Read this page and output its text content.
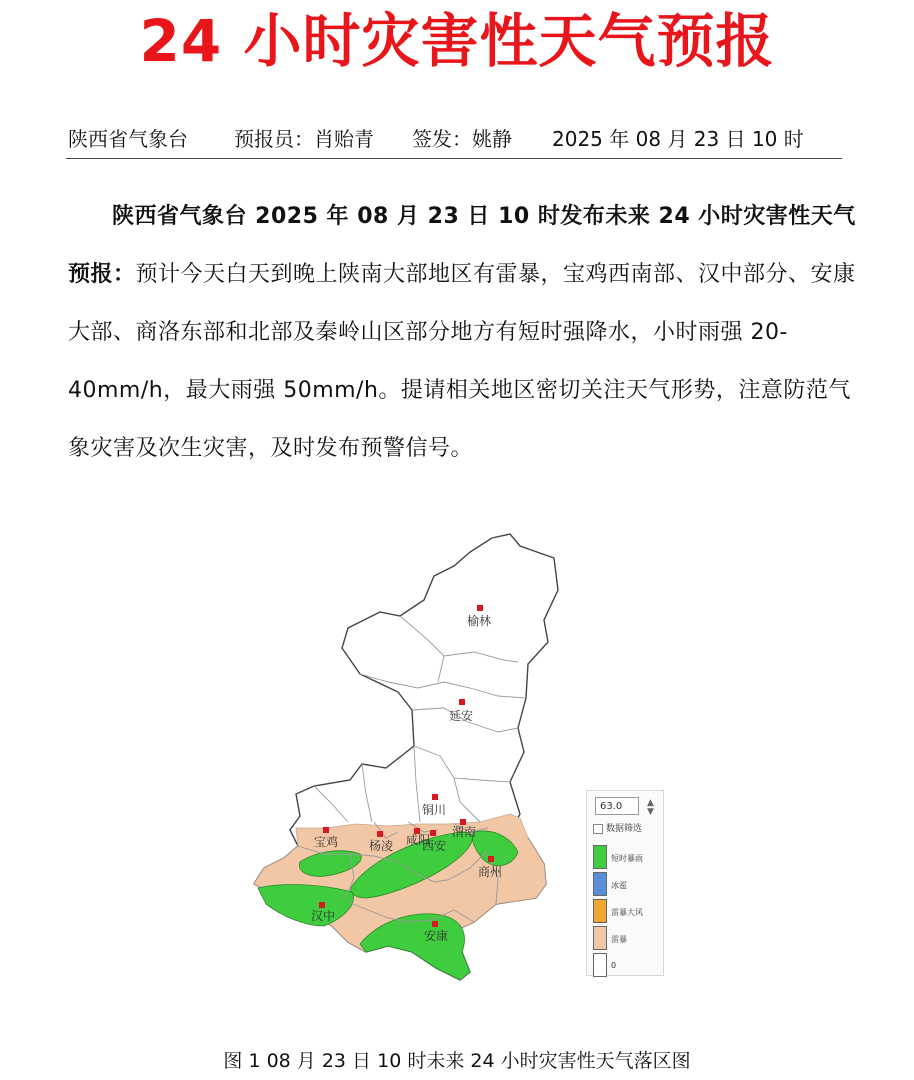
24 小时灾害性天气预报
陕西省气象台 预报员：肖贻青 签发：姚静 2025 年 08 月 23 日 10 时

陕西省气象台 2025 年 08 月 23 日 10 时发布未来 24 小时灾害性天气预报：预计今天白天到晚上陕南大部地区有雷暴，宝鸡西南部、汉中部分、安康大部、商洛东部和北部及秦岭山区部分地方有短时强降水，小时雨强 20-40mm/h，最大雨强 50mm/h。提请相关地区密切关注天气形势，注意防范气象灾害及次生灾害，及时发布预警信号。

榆林
延安
铜川
宝鸡	杨凌 咸阳
西安
渭南
商州
汉中
安康
63.0	▲
▼
数据筛选
短时暴雨
冰雹
雷暴大风
雷暴
0
图 1 08 月 23 日 10 时未来 24 小时灾害性天气落区图
